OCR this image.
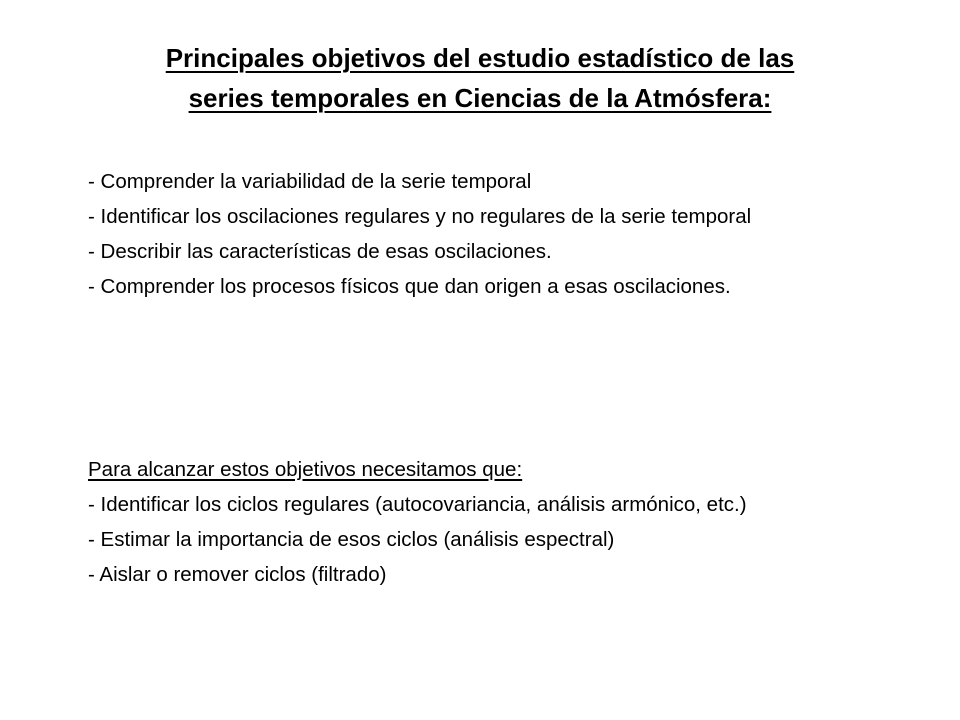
Principales objetivos del estudio estadístico de las
series temporales en Ciencias de la Atmósfera:

- Comprender la variabilidad de la serie temporal

- Identificar los oscilaciones regulares y no regulares de la serie temporal

- Describir las características de esas oscilaciones.

- Comprender los procesos físicos que dan origen a esas oscilaciones.

Para alcanzar estos objetivos necesitamos que:

- Identificar los ciclos regulares (autocovariancia, análisis armónico, etc.)

- Estimar la importancia de esos ciclos (análisis espectral)

- Aislar o remover ciclos (filtrado)
